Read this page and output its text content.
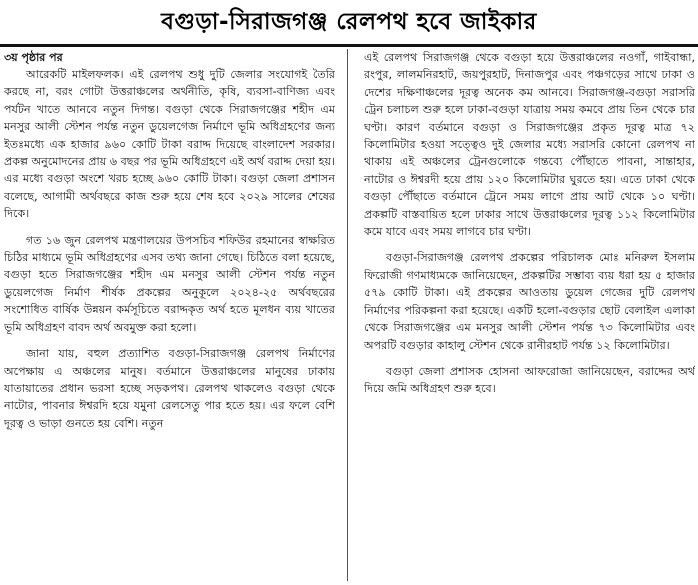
বগুড়া-সিরাজগঞ্জ রেলপথ হবে জাইকার
৩য় পৃষ্ঠার পর

আরেকটি মাইলফলক। এই রেলপথ শুধু দুটি জেলার সংযোগই তৈরি করছে না, বরং গোটা উত্তরাঞ্চলের অর্থনীতি, কৃষি, ব্যবসা-বাণিজ্য এবং পর্যটন খাতে আনবে নতুন দিগন্ত। বগুড়া থেকে সিরাজগঞ্জের শহীদ এম মনসুর আলী স্টেশন পর্যন্ত নতুন ডুয়েলগেজ নির্মাণে ভূমি অধিগ্রহণের জন্য ইতঃমধ্যে এক হাজার ৯৬০ কোটি টাকা বরাদ্দ দিয়েছে বাংলাদেশ সরকার। প্রকল্প অনুমোদনের প্রায় ৬ বছর পর ভূমি অধিগ্রহণে এই অর্থ বরাদ্দ দেয়া হয়। এর মধ্যে বগুড়া অংশে খরচ হচ্ছে ৯৬০ কোটি টাকা। বগুড়া জেলা প্রশাসন বলেছে, আগামী অর্থবছরে কাজ শুরু হয়ে শেষ হবে ২০২৯ সালের শেষের দিকে।

গত ১৬ জুন রেলপথ মন্ত্রণালয়ের উপসচিব শফিউর রহমানের স্বাক্ষরিত চিঠির মাধ্যমে ভূমি অধিগ্রহণের এসব তথ্য জানা গেছে। চিঠিতে বলা হয়েছে, বগুড়া হতে সিরাজগঞ্জের শহীদ এম মনসুর আলী স্টেশন পর্যন্ত নতুন ডুয়েলগেজ নির্মাণ শীর্ষক প্রকল্পের অনুকূলে ২০২৪-২৫ অর্থবছরের সংশোধিত বার্ষিক উন্নয়ন কর্মসূচিতে বরাদ্দকৃত অর্থ হতে মূলধন ব্যয় খাতের ভূমি অধিগ্রহণ বাবদ অর্থ অবমুক্ত করা হলো।

জানা যায়, বহুল প্রত্যাশিত বগুড়া-সিরাজগঞ্জ রেলপথ নির্মাণের অপেক্ষায় এ অঞ্চলের মানুষ। বর্তমানে উত্তরাঞ্চলের মানুষের ঢাকায় যাতায়াতের প্রধান ভরসা হচ্ছে সড়কপথ। রেলপথ থাকলেও বগুড়া থেকে নাটোর, পাবনার ঈশ্বরদি হয়ে যমুনা রেলসেতু পার হতে হয়। এর ফলে বেশি দূরত্ব ও ভাড়া গুনতে হয় বেশি। নতুন

এই রেলপথ সিরাজগঞ্জ থেকে বগুড়া হয়ে উত্তরাঞ্চলের নওগাঁ, গাইবান্ধা, রংপুর, লালমনিরহাট, জয়পুরহাট, দিনাজপুর এবং পঞ্চগড়ের সাথে ঢাকা ও দেশের দক্ষিণাঞ্চলের দূরত্ব অনেক কম আনবে। সিরাজগঞ্জ-বগুড়া সরাসরি ট্রেন চলাচল শুরু হলে ঢাকা-বগুড়া যাত্রায় সময় কমবে প্রায় তিন থেকে চার ঘণ্টা। কারণ বর্তমানে বগুড়া ও সিরাজগঞ্জের প্রকৃত দূরত্ব মাত্র ৭২ কিলোমিটার হওয়া সত্ত্বেও দুই জেলার মধ্যে সরাসরি কোনো রেলপথ না থাকায় এই অঞ্চলের ট্রেনগুলোকে গন্তব্যে পৌঁছাতে পাবনা, সান্তাহার, নাটোর ও ঈশ্বরদী হয়ে প্রায় ১২০ কিলোমিটার ঘুরতে হয়। এতে ঢাকা থেকে বগুড়া পৌঁছাতে বর্তমানে ট্রেনে সময় লাগে প্রায় আট থেকে ১০ ঘণ্টা। প্রকল্পটি বাস্তবায়িত হলে ঢাকার সাথে উত্তরাঞ্চলের দূরত্ব ১১২ কিলোমিটার কমে যাবে এবং সময় লাগবে চার ঘণ্টা।

বগুড়া-সিরাজগঞ্জ রেলপথ প্রকল্পের পরিচালক মোঃ মনিরুল ইসলাম ফিরোজী গণমাধ্যমকে জানিয়েছেন, প্রকল্পটির সম্ভাব্য ব্যয় ধরা হয় ৫ হাজার ৫৭৯ কোটি টাকা। এই প্রকল্পের আওতায় ডুয়েল গেজের দুটি রেলপথ নির্মাণের পরিকল্পনা করা হয়েছে। একটি হলো-বগুড়ার ছোট বেলাইল এলাকা থেকে সিরাজগঞ্জের এম মনসুর আলী স্টেশন পর্যন্ত ৭৩ কিলোমিটার এবং অপরটি বগুড়ার কাহালু স্টেশন থেকে রানীরহাট পর্যন্ত ১২ কিলোমিটার।

বগুড়া জেলা প্রশাসক হোসনা আফরোজা জানিয়েছেন, বরাদ্দের অর্থ দিয়ে জমি অধিগ্রহণ শুরু হবে।
